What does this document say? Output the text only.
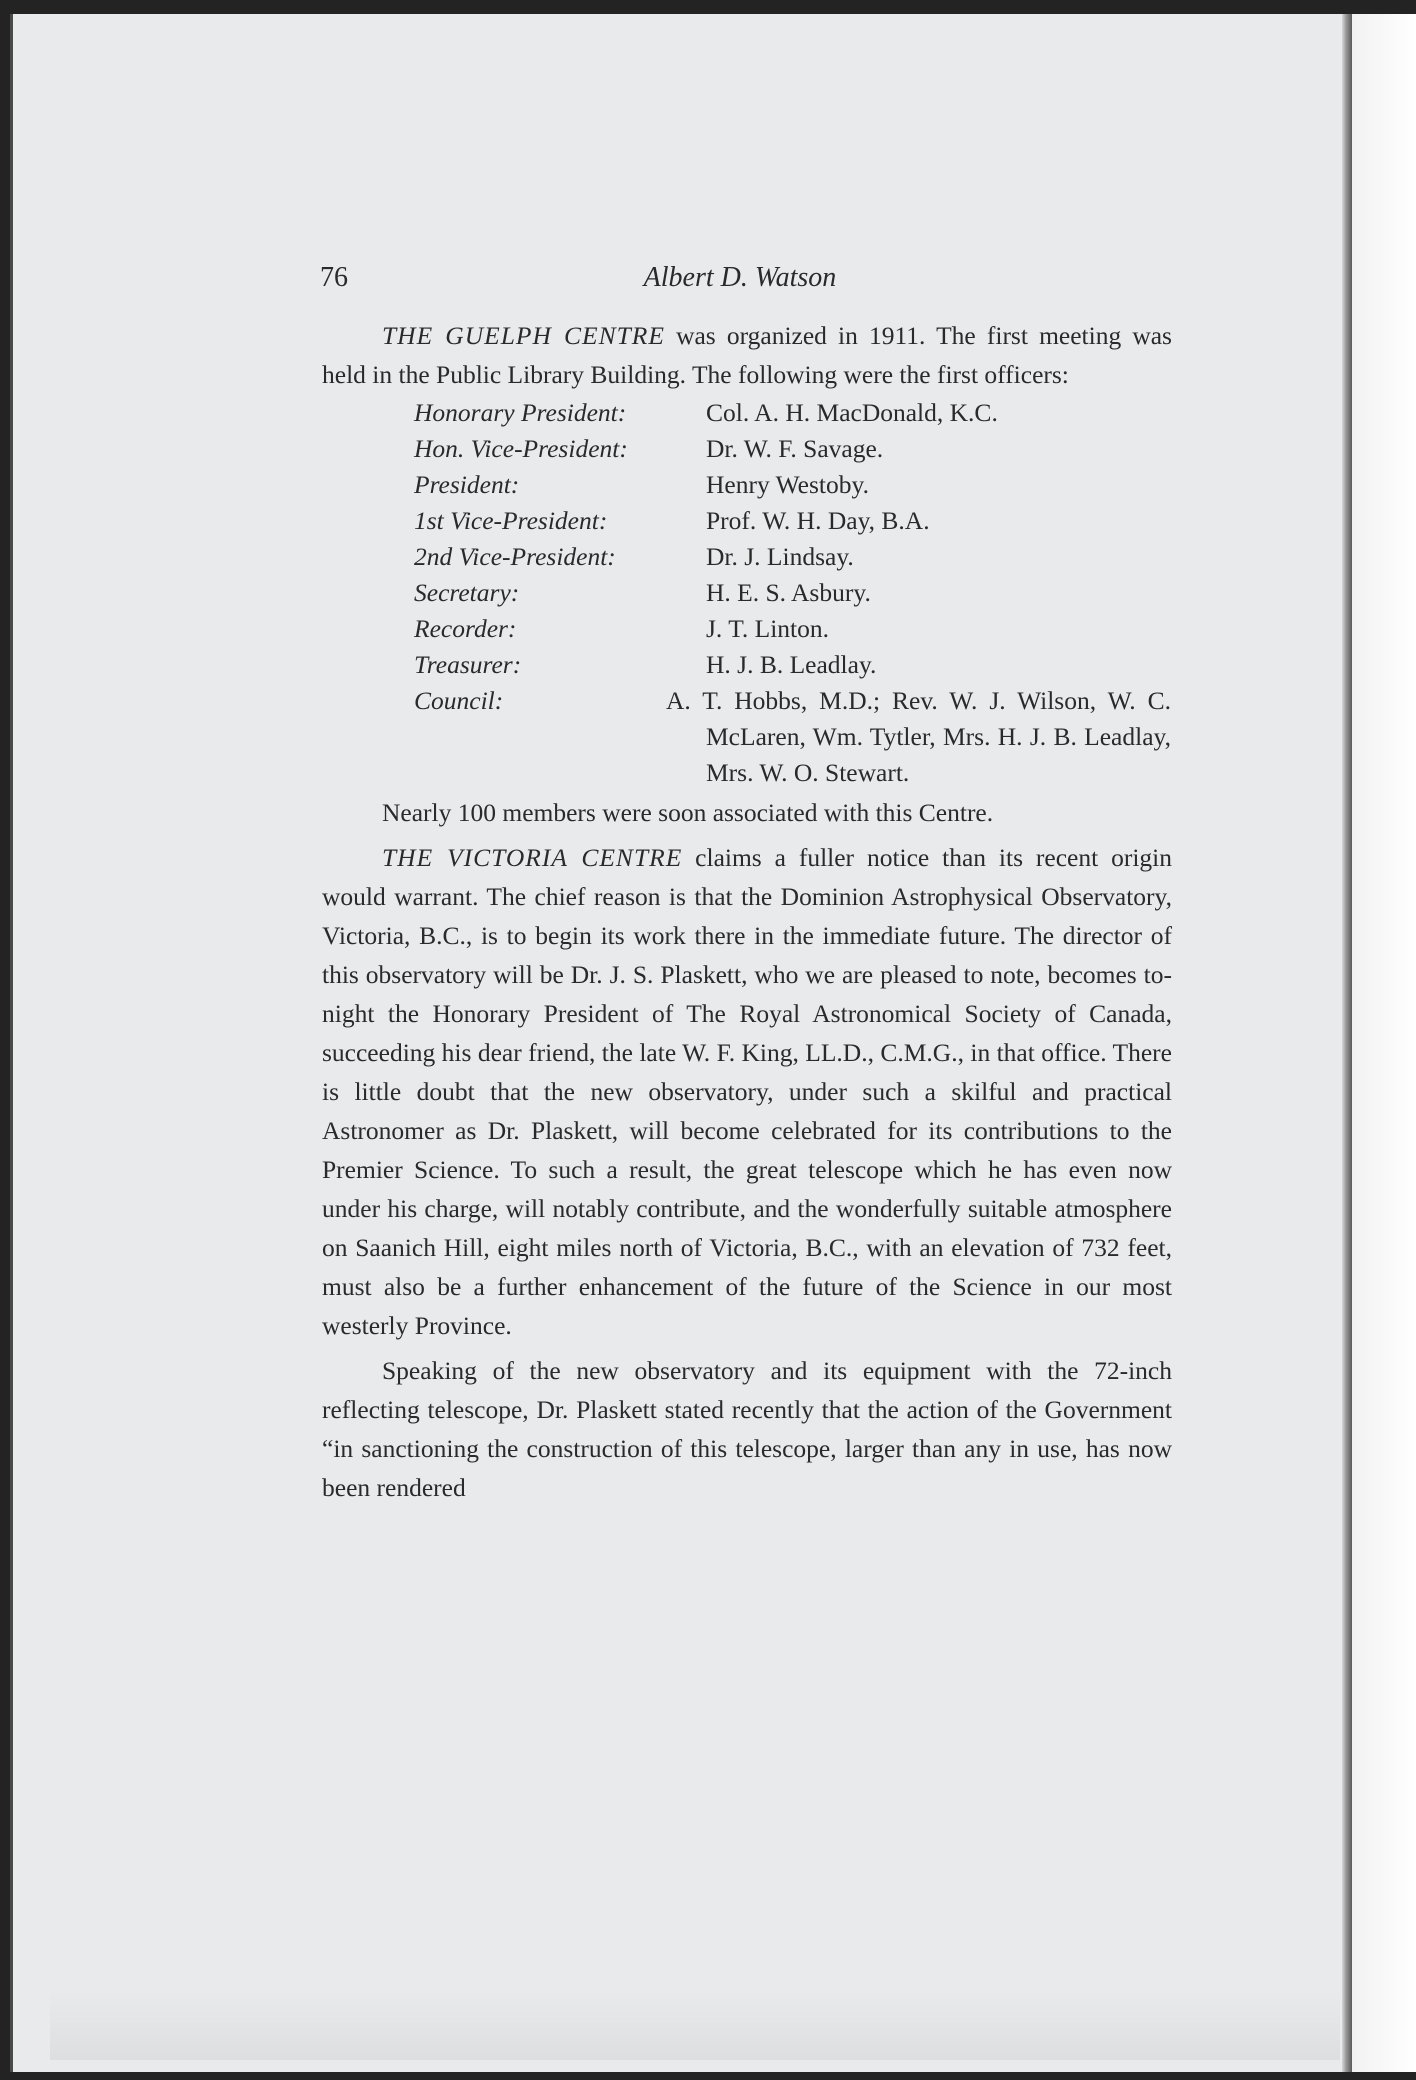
76	Albert D. Watson

THE GUELPH CENTRE was organized in 1911. The first meeting was held in the Public Library Building. The following were the first officers:

Honorary President:	Col. A. H. MacDonald, K.C.
Hon. Vice-President:	Dr. W. F. Savage.
President:	Henry Westoby.
1st Vice-President:	Prof. W. H. Day, B.A.
2nd Vice-President:	Dr. J. Lindsay.
Secretary:	H. E. S. Asbury.
Recorder:	J. T. Linton.
Treasurer:	H. J. B. Leadlay.
Council:	A. T. Hobbs, M.D.; Rev. W. J. Wilson, W. C. McLaren, Wm. Tytler, Mrs. H. J. B. Leadlay, Mrs. W. O. Stewart.

Nearly 100 members were soon associated with this Centre.

THE VICTORIA CENTRE claims a fuller notice than its recent origin would warrant. The chief reason is that the Dominion Astrophysical Observatory, Victoria, B.C., is to begin its work there in the immediate future. The director of this observatory will be Dr. J. S. Plaskett, who we are pleased to note, becomes to-night the Honorary President of The Royal Astronomical Society of Canada, succeeding his dear friend, the late W. F. King, LL.D., C.M.G., in that office. There is little doubt that the new observatory, under such a skilful and practical Astronomer as Dr. Plaskett, will become celebrated for its contributions to the Premier Science. To such a result, the great telescope which he has even now under his charge, will notably contribute, and the wonderfully suitable atmosphere on Saanich Hill, eight miles north of Victoria, B.C., with an elevation of 732 feet, must also be a further enhancement of the future of the Science in our most westerly Province.

Speaking of the new observatory and its equipment with the 72-inch reflecting telescope, Dr. Plaskett stated recently that the action of the Government “in sanctioning the construction of this telescope, larger than any in use, has now been rendered
